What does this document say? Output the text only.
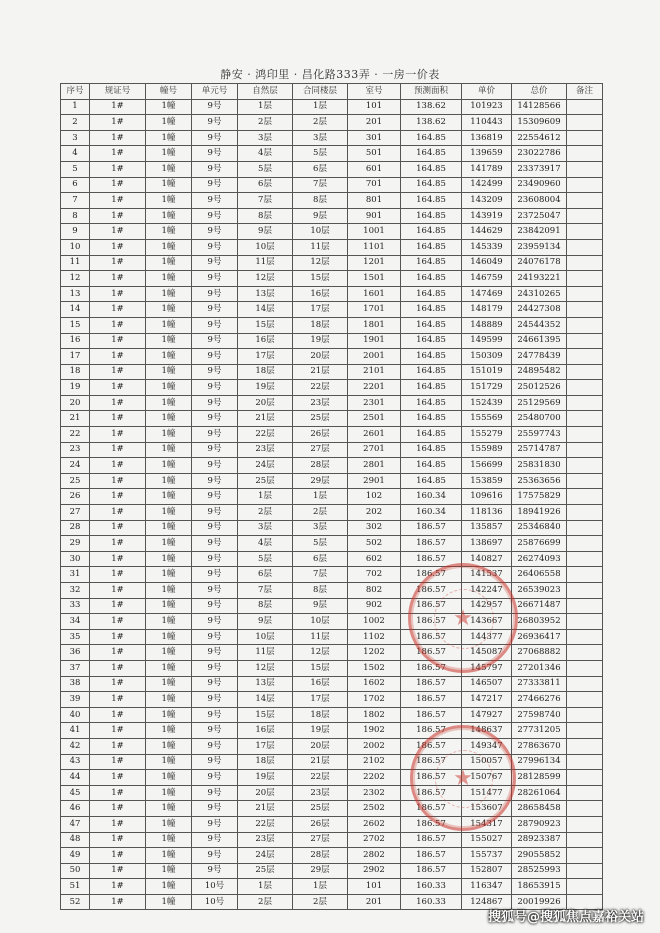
静安 · 鸿印里 · 昌化路333弄 · 一房一价表
序号	规证号	幢号	单元号	自然层	合同楼层	室号	预测面积	单价	总价	备注
1	1#	1幢	9号	1层	1层	101	138.62	101923	14128566	
2	1#	1幢	9号	2层	2层	201	138.62	110443	15309609	
3	1#	1幢	9号	3层	3层	301	164.85	136819	22554612	
4	1#	1幢	9号	4层	5层	501	164.85	139659	23022786	
5	1#	1幢	9号	5层	6层	601	164.85	141789	23373917	
6	1#	1幢	9号	6层	7层	701	164.85	142499	23490960	
7	1#	1幢	9号	7层	8层	801	164.85	143209	23608004	
8	1#	1幢	9号	8层	9层	901	164.85	143919	23725047	
9	1#	1幢	9号	9层	10层	1001	164.85	144629	23842091	
10	1#	1幢	9号	10层	11层	1101	164.85	145339	23959134	
11	1#	1幢	9号	11层	12层	1201	164.85	146049	24076178	
12	1#	1幢	9号	12层	15层	1501	164.85	146759	24193221	
13	1#	1幢	9号	13层	16层	1601	164.85	147469	24310265	
14	1#	1幢	9号	14层	17层	1701	164.85	148179	24427308	
15	1#	1幢	9号	15层	18层	1801	164.85	148889	24544352	
16	1#	1幢	9号	16层	19层	1901	164.85	149599	24661395	
17	1#	1幢	9号	17层	20层	2001	164.85	150309	24778439	
18	1#	1幢	9号	18层	21层	2101	164.85	151019	24895482	
19	1#	1幢	9号	19层	22层	2201	164.85	151729	25012526	
20	1#	1幢	9号	20层	23层	2301	164.85	152439	25129569	
21	1#	1幢	9号	21层	25层	2501	164.85	155569	25480700	
22	1#	1幢	9号	22层	26层	2601	164.85	155279	25597743	
23	1#	1幢	9号	23层	27层	2701	164.85	155989	25714787	
24	1#	1幢	9号	24层	28层	2801	164.85	156699	25831830	
25	1#	1幢	9号	25层	29层	2901	164.85	153859	25363656	
26	1#	1幢	9号	1层	1层	102	160.34	109616	17575829	
27	1#	1幢	9号	2层	2层	202	160.34	118136	18941926	
28	1#	1幢	9号	3层	3层	302	186.57	135857	25346840	
29	1#	1幢	9号	4层	5层	502	186.57	138697	25876699	
30	1#	1幢	9号	5层	6层	602	186.57	140827	26274093	
31	1#	1幢	9号	6层	7层	702	186.57	141537	26406558	
32	1#	1幢	9号	7层	8层	802	186.57	142247	26539023	
33	1#	1幢	9号	8层	9层	902	186.57	142957	26671487	
34	1#	1幢	9号	9层	10层	1002	186.57	143667	26803952	
35	1#	1幢	9号	10层	11层	1102	186.57	144377	26936417	
36	1#	1幢	9号	11层	12层	1202	186.57	145087	27068882	
37	1#	1幢	9号	12层	15层	1502	186.57	145797	27201346	
38	1#	1幢	9号	13层	16层	1602	186.57	146507	27333811	
39	1#	1幢	9号	14层	17层	1702	186.57	147217	27466276	
40	1#	1幢	9号	15层	18层	1802	186.57	147927	27598740	
41	1#	1幢	9号	16层	19层	1902	186.57	148637	27731205	
42	1#	1幢	9号	17层	20层	2002	186.57	149347	27863670	
43	1#	1幢	9号	18层	21层	2102	186.57	150057	27996134	
44	1#	1幢	9号	19层	22层	2202	186.57	150767	28128599	
45	1#	1幢	9号	20层	23层	2302	186.57	151477	28261064	
46	1#	1幢	9号	21层	25层	2502	186.57	153607	28658458	
47	1#	1幢	9号	22层	26层	2602	186.57	154317	28790923	
48	1#	1幢	9号	23层	27层	2702	186.57	155027	28923387	
49	1#	1幢	9号	24层	28层	2802	186.57	155737	29055852	
50	1#	1幢	9号	25层	29层	2902	186.57	152807	28525993	
51	1#	1幢	10号	1层	1层	101	160.33	116347	18653915	
52	1#	1幢	10号	2层	2层	201	160.33	124867	20019926	
★
★
搜狐号@搜狐焦点嘉裕关站
